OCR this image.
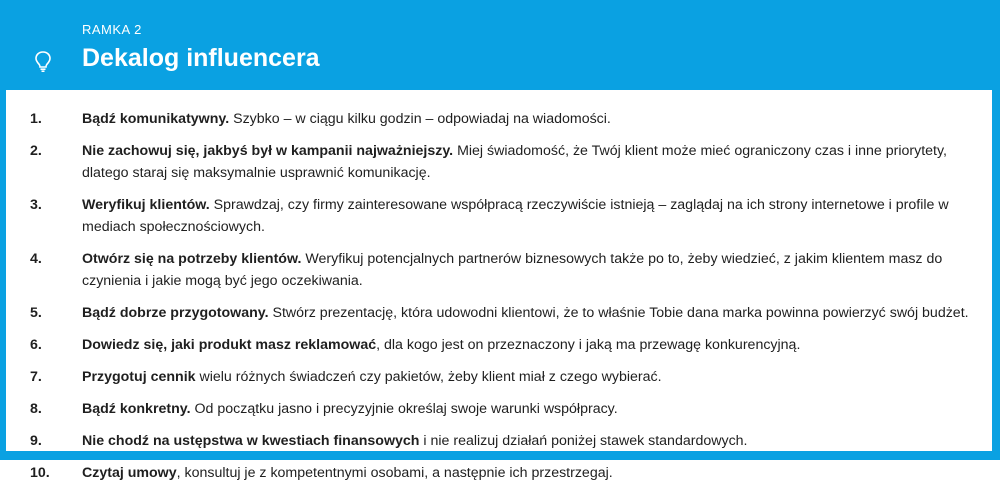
RAMKA 2
Dekalog influencera
1.	Bądź komunikatywny. Szybko – w ciągu kilku godzin – odpowiadaj na wiadomości.
2.	Nie zachowuj się, jakbyś był w kampanii najważniejszy. Miej świadomość, że Twój klient może mieć ograniczony czas i inne priorytety, dlatego staraj się maksymalnie usprawnić komunikację.
3.	Weryfikuj klientów. Sprawdzaj, czy firmy zainteresowane współpracą rzeczywiście istnieją – zaglądaj na ich strony internetowe i profile w mediach społecznościowych.
4.	Otwórz się na potrzeby klientów. Weryfikuj potencjalnych partnerów biznesowych także po to, żeby wiedzieć, z jakim klientem masz do czynienia i jakie mogą być jego oczekiwania.
5.	Bądź dobrze przygotowany. Stwórz prezentację, która udowodni klientowi, że to właśnie Tobie dana marka powinna powierzyć swój budżet.
6.	Dowiedz się, jaki produkt masz reklamować, dla kogo jest on przeznaczony i jaką ma przewagę konkurencyjną.
7.	Przygotuj cennik wielu różnych świadczeń czy pakietów, żeby klient miał z czego wybierać.
8.	Bądź konkretny. Od początku jasno i precyzyjnie określaj swoje warunki współpracy.
9.	Nie chodź na ustępstwa w kwestiach finansowych i nie realizuj działań poniżej stawek standardowych.
10. Czytaj umowy, konsultuj je z kompetentnymi osobami, a następnie ich przestrzegaj.
